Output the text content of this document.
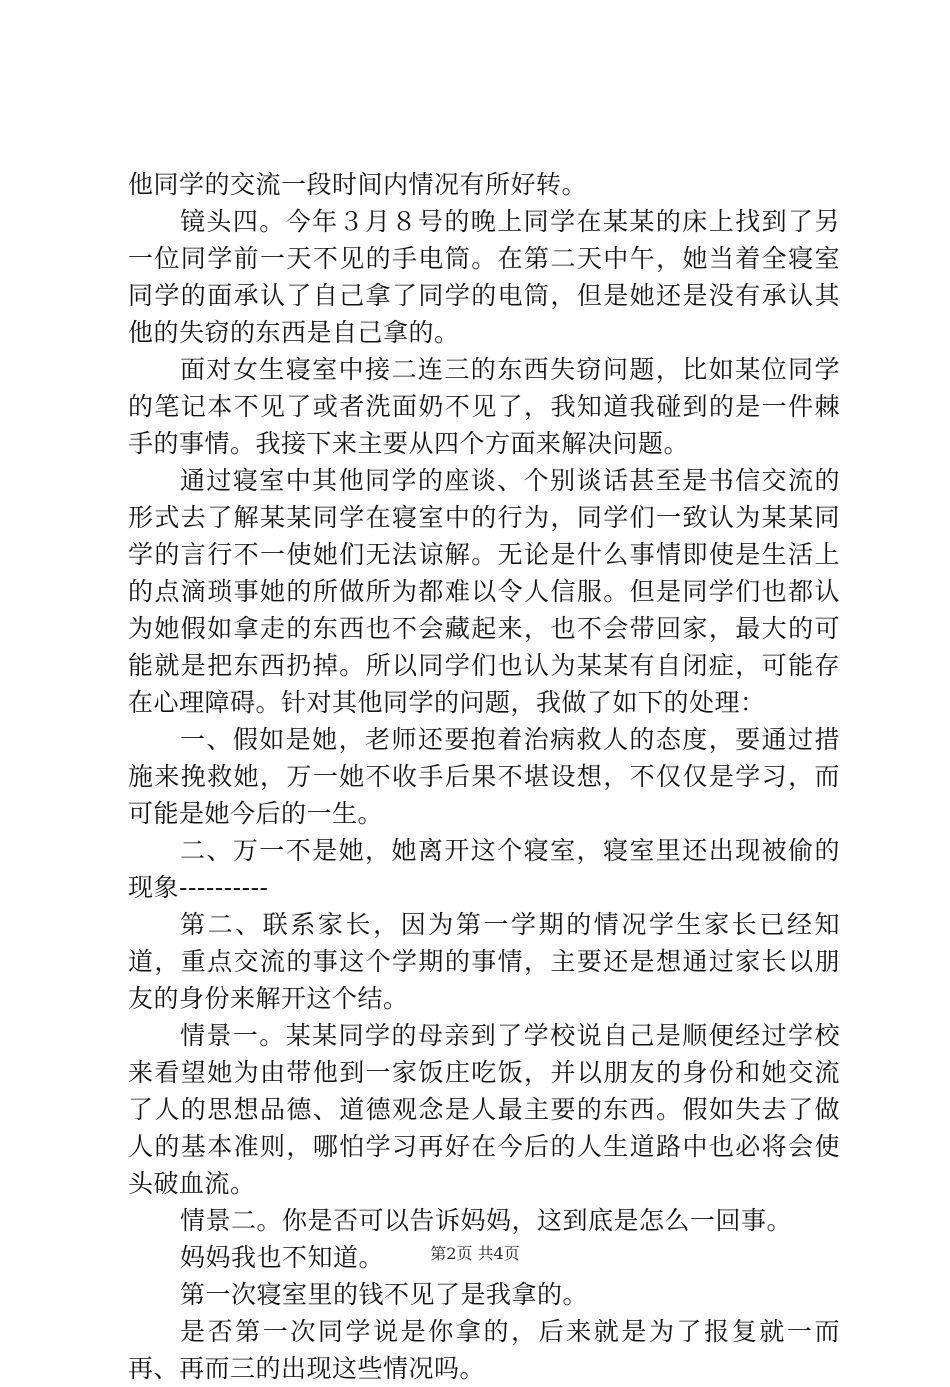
他同学的交流一段时间内情况有所好转。

镜头四。今年３月８号的晚上同学在某某的床上找到了另一位同学前一天不见的手电筒。在第二天中午，她当着全寝室同学的面承认了自己拿了同学的电筒，但是她还是没有承认其他的失窃的东西是自己拿的。

面对女生寝室中接二连三的东西失窃问题，比如某位同学的笔记本不见了或者洗面奶不见了，我知道我碰到的是一件棘手的事情。我接下来主要从四个方面来解决问题。

通过寝室中其他同学的座谈、个别谈话甚至是书信交流的形式去了解某某同学在寝室中的行为，同学们一致认为某某同学的言行不一使她们无法谅解。无论是什么事情即使是生活上的点滴琐事她的所做所为都难以令人信服。但是同学们也都认为她假如拿走的东西也不会藏起来，也不会带回家，最大的可能就是把东西扔掉。所以同学们也认为某某有自闭症，可能存在心理障碍。针对其他同学的问题，我做了如下的处理：

一、假如是她，老师还要抱着治病救人的态度，要通过措施来挽救她，万一她不收手后果不堪设想，不仅仅是学习，而可能是她今后的一生。

二、万一不是她，她离开这个寝室，寝室里还出现被偷的现象----------

第二、联系家长，因为第一学期的情况学生家长已经知道，重点交流的事这个学期的事情，主要还是想通过家长以朋友的身份来解开这个结。

情景一。某某同学的母亲到了学校说自己是顺便经过学校来看望她为由带他到一家饭庄吃饭，并以朋友的身份和她交流了人的思想品德、道德观念是人最主要的东西。假如失去了做人的基本准则，哪怕学习再好在今后的人生道路中也必将会使头破血流。

情景二。你是否可以告诉妈妈，这到底是怎么一回事。

妈妈我也不知道。

第一次寝室里的钱不见了是我拿的。

是否第一次同学说是你拿的，后来就是为了报复就一而再、再而三的出现这些情况吗。

第2页 共4页
